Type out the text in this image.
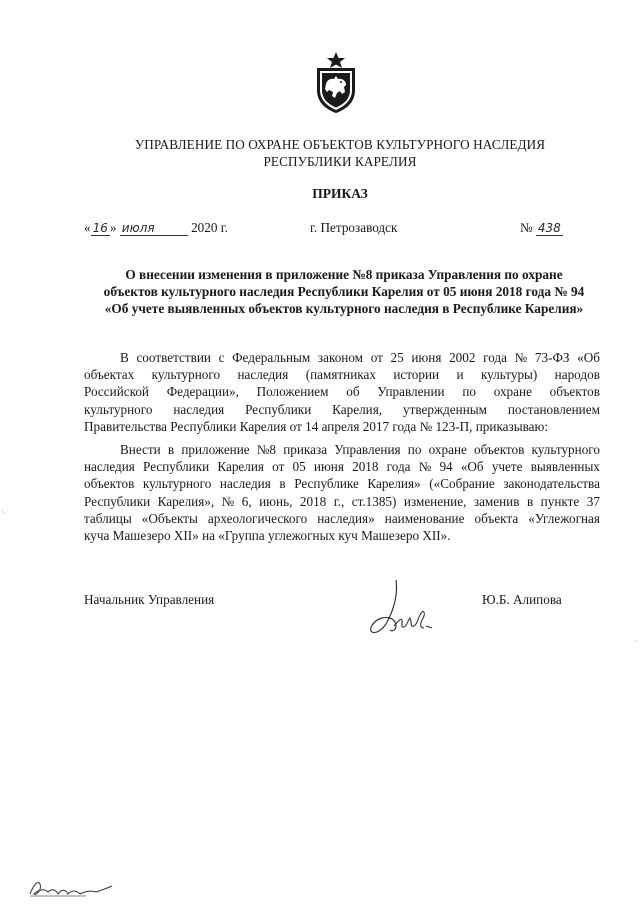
УПРАВЛЕНИЕ ПО ОХРАНЕ ОБЪЕКТОВ КУЛЬТУРНОГО НАСЛЕДИЯ
РЕСПУБЛИКИ КАРЕЛИЯ
ПРИКАЗ
« 16 » июля	2020 г.	г. Петрозаводск	№ 438
О внесении изменения в приложение №8 приказа Управления по охране
объектов культурного наследия Республики Карелия от 05 июня 2018 года № 94
«Об учете выявленных объектов культурного наследия в Республике Карелия»
В соответствии с Федеральным законом от 25 июня 2002 года № 73-ФЗ «Об
объектах культурного наследия (памятниках истории и культуры) народов
Российской Федерации», Положением об Управлении по охране объектов
культурного наследия Республики Карелия, утвержденным постановлением
Правительства Республики Карелия от 14 апреля 2017 года № 123-П, приказываю:
Внести в приложение №8 приказа Управления по охране объектов культурного
наследия Республики Карелия от 05 июня 2018 года № 94 «Об учете выявленных
объектов культурного наследия в Республике Карелия» («Собрание законодательства
Республики Карелия», № 6, июнь, 2018 г., ст.1385) изменение, заменив в пункте 37
таблицы «Объекты археологического наследия» наименование объекта «Углежогная
куча Машезеро XII» на «Группа углежогных куч Машезеро XII».
Начальник Управления	Ю.Б. Алипова
